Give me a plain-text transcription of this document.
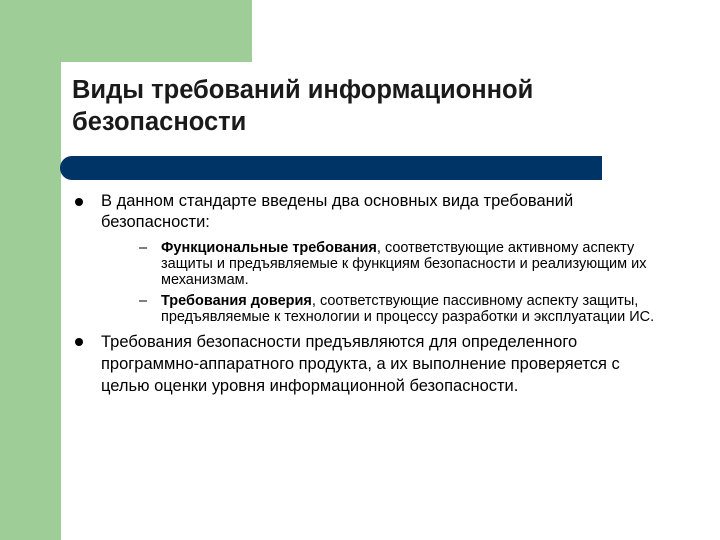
Виды требований информационной безопасности
В данном стандарте введены два основных вида требований безопасности:
– Функциональные требования, соответствующие активному аспекту защиты и предъявляемые к функциям безопасности и реализующим их механизмам.
– Требования доверия, соответствующие пассивному аспекту защиты, предъявляемые к технологии и процессу разработки и эксплуатации ИС.
Требования безопасности предъявляются для определенного программно-аппаратного продукта, а их выполнение проверяется с целью оценки уровня информационной безопасности.
